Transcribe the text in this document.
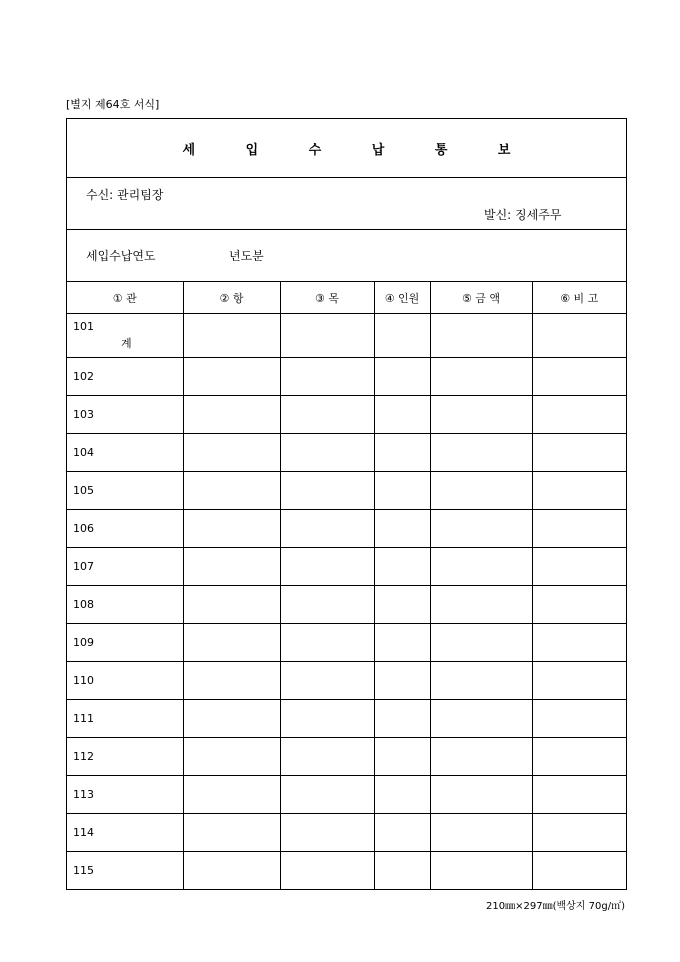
[별지 제64호 서식]
세 입 수 납 통 보
수신: 관리팀장
발신: 징세주무
세입수납연도	년도분
① 관	② 항	③ 목	④ 인원	⑤ 금 액	⑥ 비 고
101
계					

102					
103					
104					
105					
106					
107					
108					
109					
110					
111					
112					
113					
114					
115					
210㎜×297㎜(백상지 70g/㎡)
